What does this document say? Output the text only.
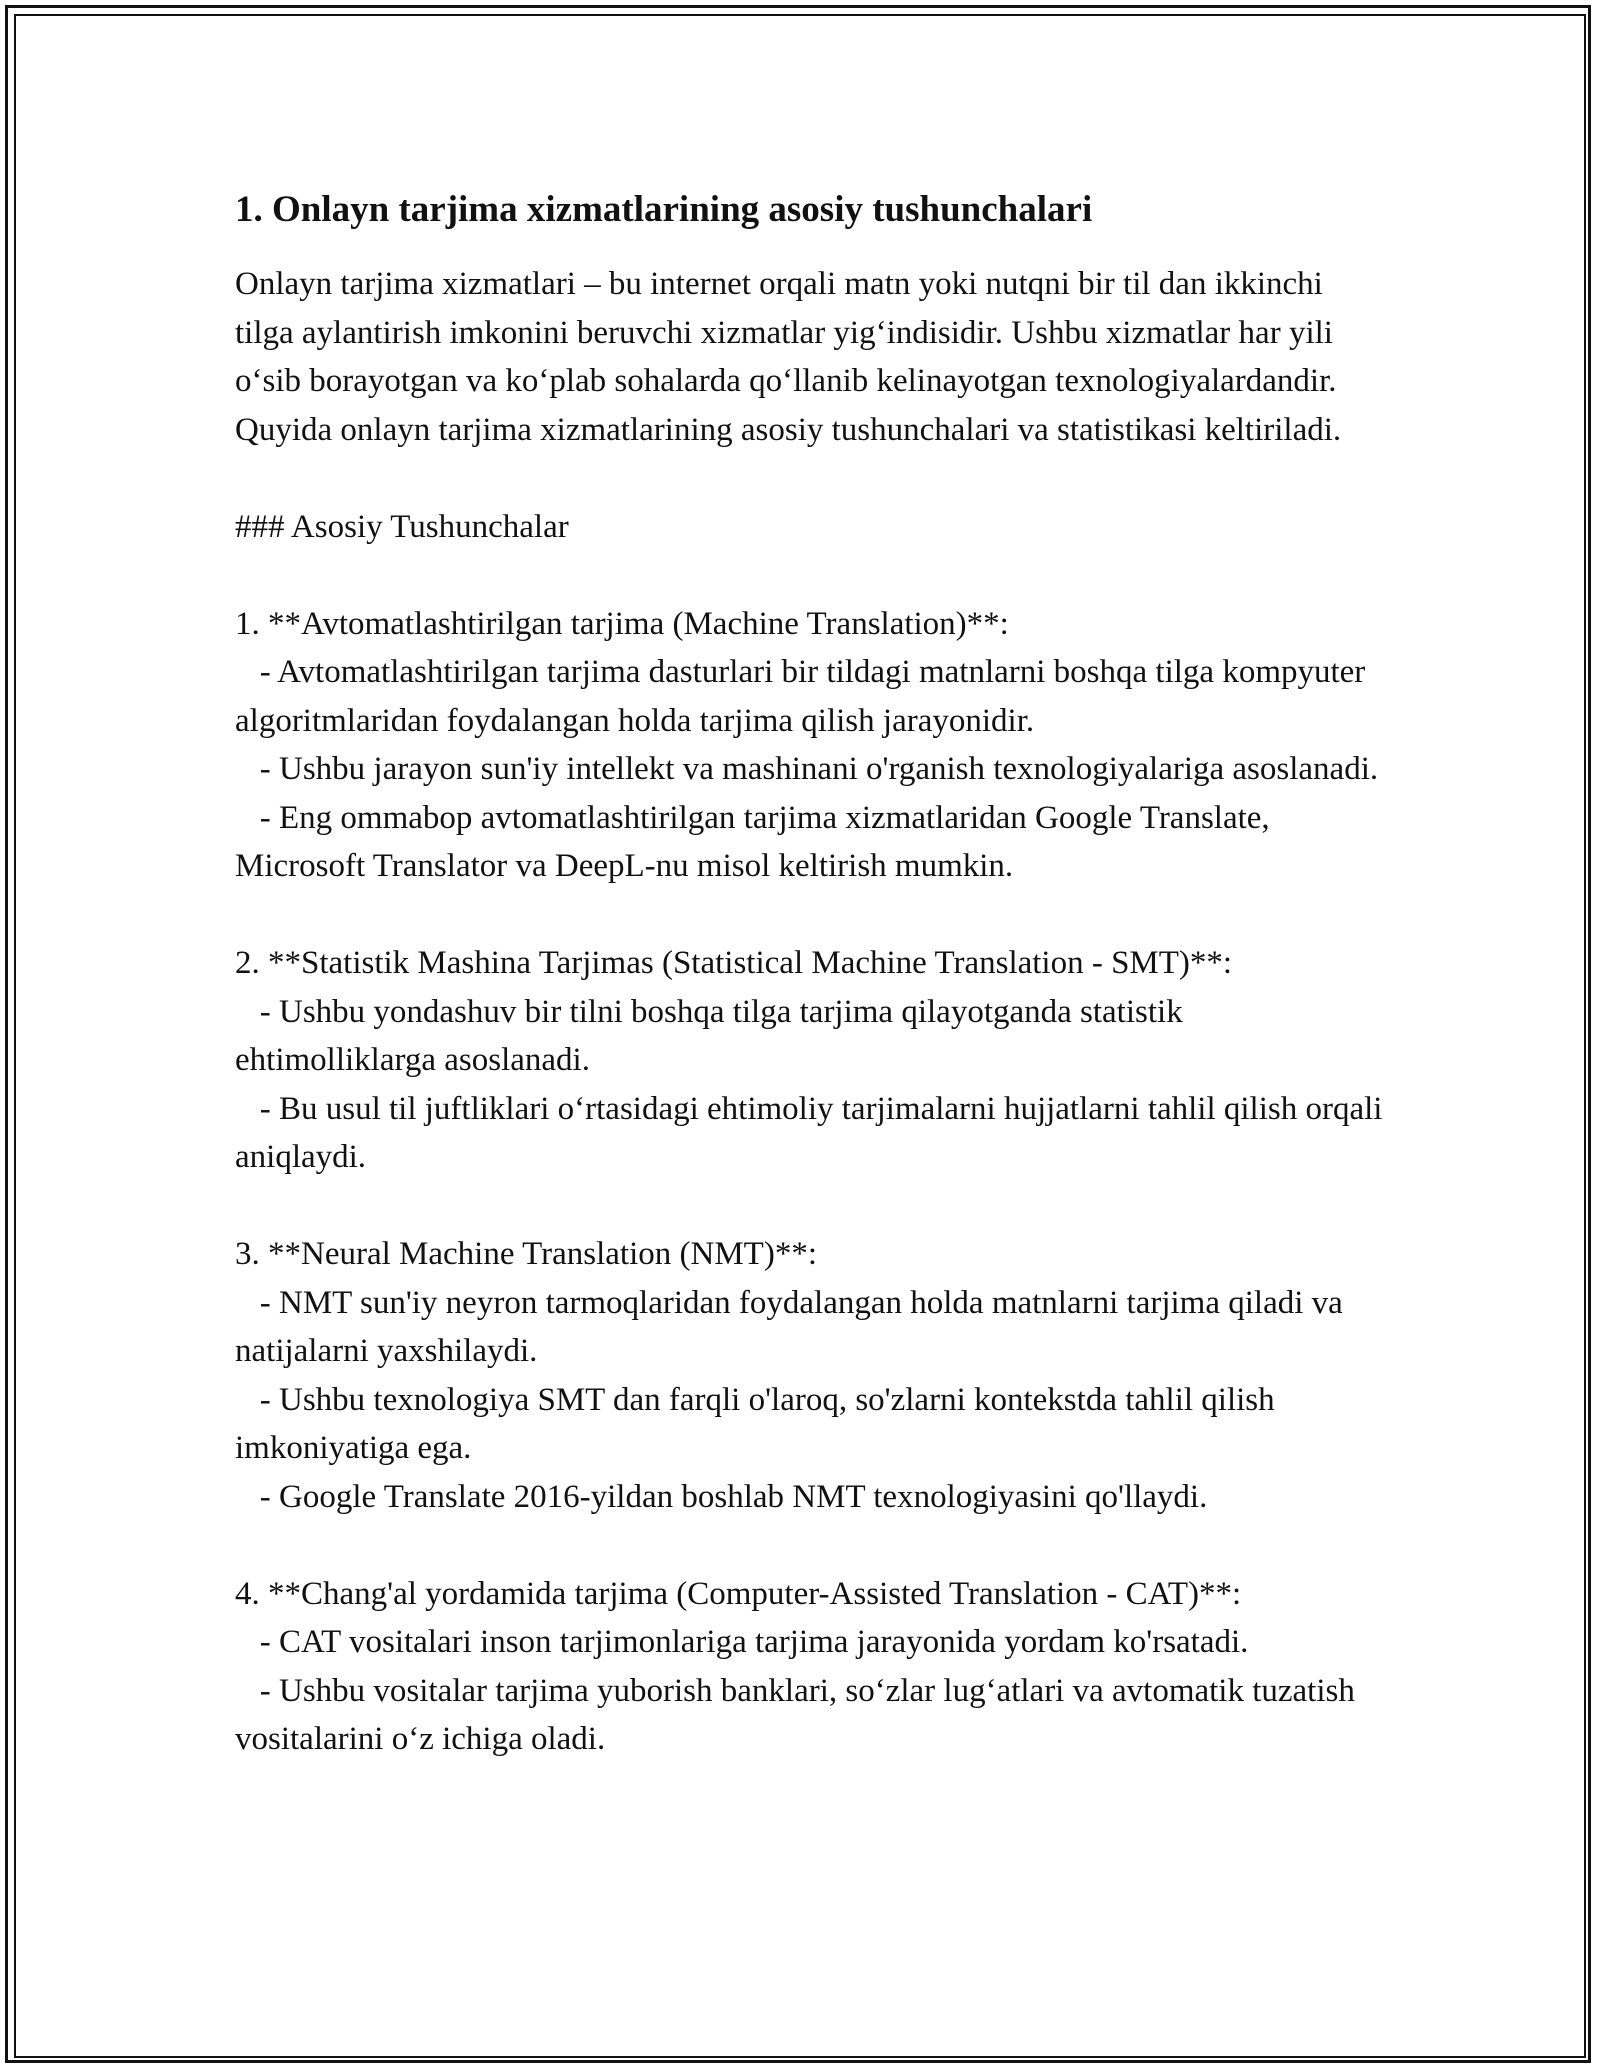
1. Onlayn tarjima xizmatlarining asosiy tushunchalari

Onlayn tarjima xizmatlari – bu internet orqali matn yoki nutqni bir til dan ikkinchi tilga aylantirish imkonini beruvchi xizmatlar yig‘indisidir. Ushbu xizmatlar har yili o‘sib borayotgan va ko‘plab sohalarda qo‘llanib kelinayotgan texnologiyalardandir. Quyida onlayn tarjima xizmatlarining asosiy tushunchalari va statistikasi keltiriladi.

### Asosiy Tushunchalar

1. **Avtomatlashtirilgan tarjima (Machine Translation)**:

- Avtomatlashtirilgan tarjima dasturlari bir tildagi matnlarni boshqa tilga kompyuter algoritmlaridan foydalangan holda tarjima qilish jarayonidir.

- Ushbu jarayon sun'iy intellekt va mashinani o'rganish texnologiyalariga asoslanadi.

- Eng ommabop avtomatlashtirilgan tarjima xizmatlaridan Google Translate, Microsoft Translator va DeepL-nu misol keltirish mumkin.

2. **Statistik Mashina Tarjimas (Statistical Machine Translation - SMT)**:

- Ushbu yondashuv bir tilni boshqa tilga tarjima qilayotganda statistik ehtimolliklarga asoslanadi.

- Bu usul til juftliklari o‘rtasidagi ehtimoliy tarjimalarni hujjatlarni tahlil qilish orqali aniqlaydi.

3. **Neural Machine Translation (NMT)**:

- NMT sun'iy neyron tarmoqlaridan foydalangan holda matnlarni tarjima qiladi va natijalarni yaxshilaydi.

- Ushbu texnologiya SMT dan farqli o'laroq, so'zlarni kontekstda tahlil qilish imkoniyatiga ega.

- Google Translate 2016-yildan boshlab NMT texnologiyasini qo'llaydi.

4. **Chang'al yordamida tarjima (Computer-Assisted Translation - CAT)**:

- CAT vositalari inson tarjimonlariga tarjima jarayonida yordam ko'rsatadi.

- Ushbu vositalar tarjima yuborish banklari, so‘zlar lug‘atlari va avtomatik tuzatish vositalarini o‘z ichiga oladi.
